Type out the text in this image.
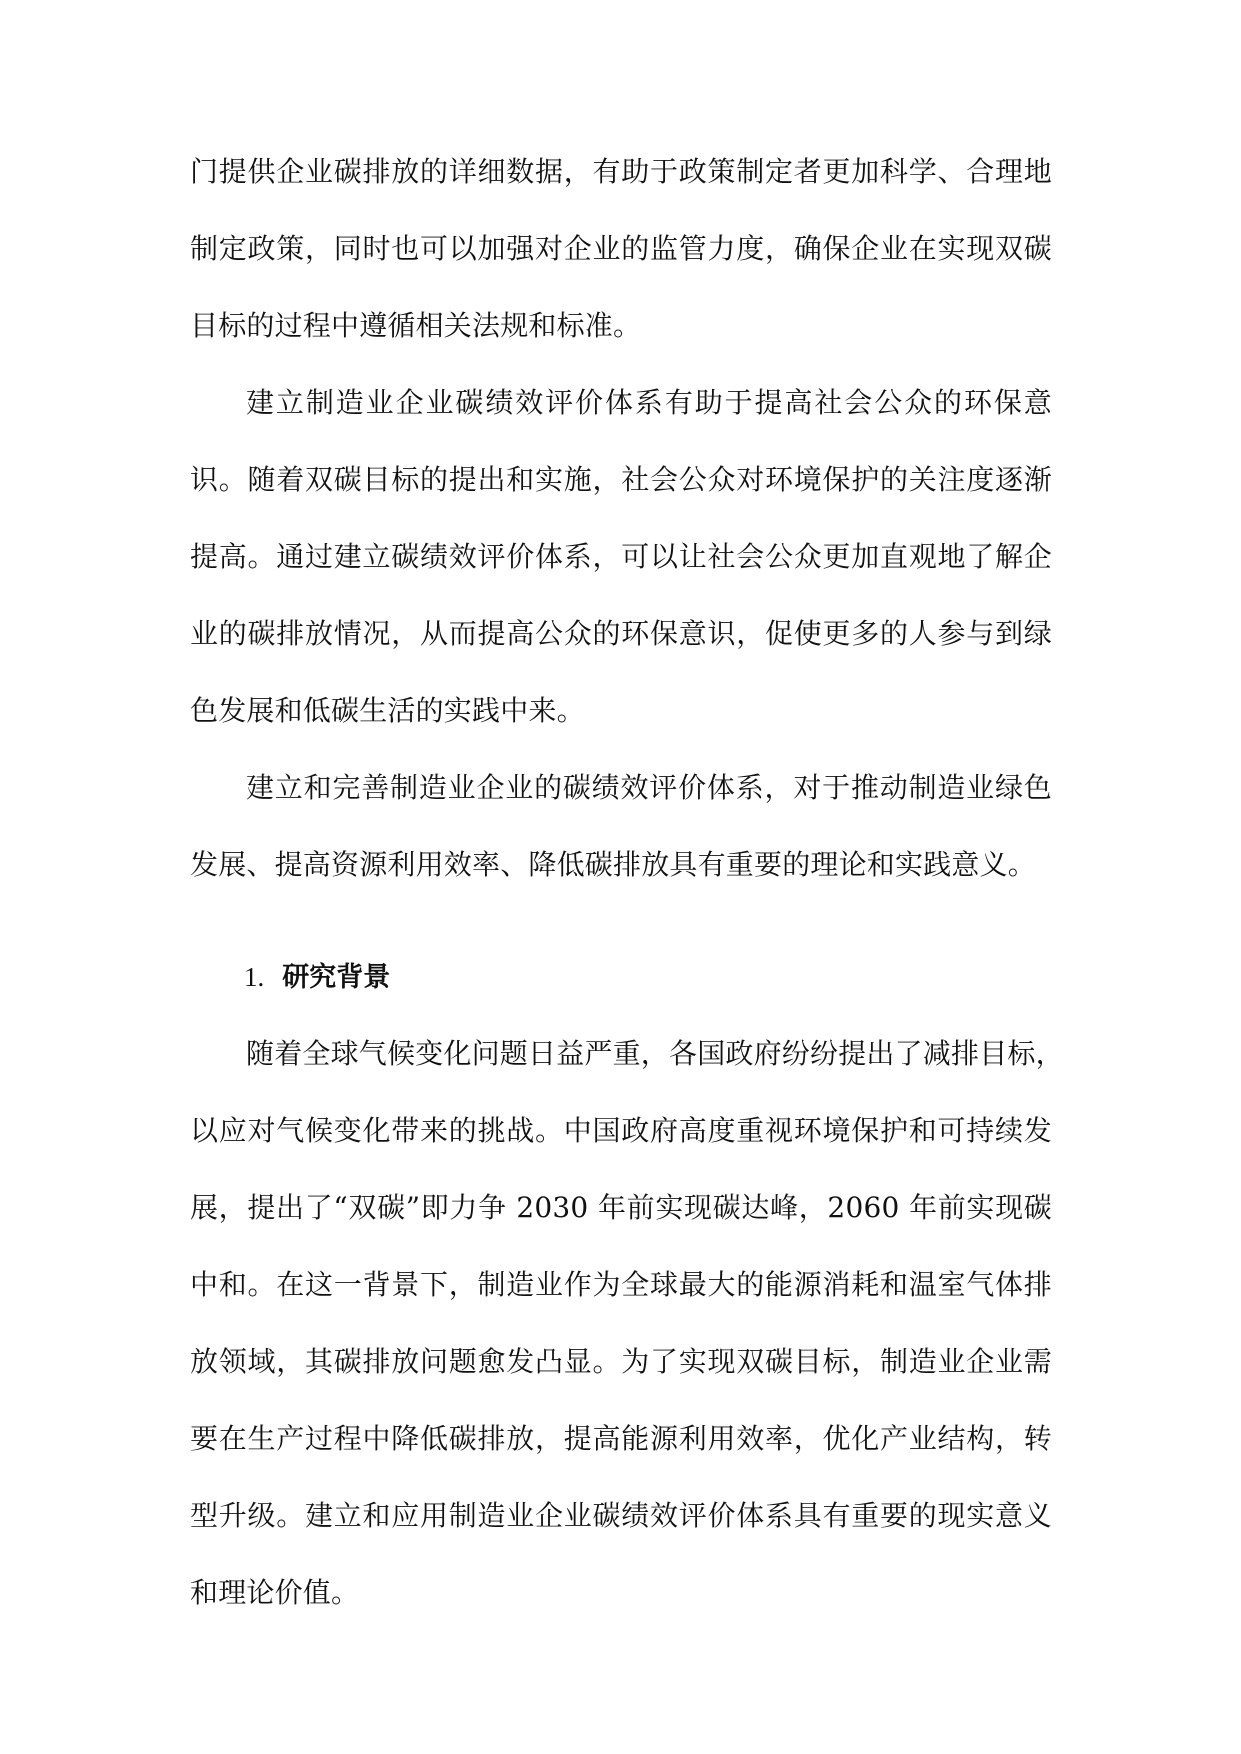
门提供企业碳排放的详细数据，有助于政策制定者更加科学、合理地
制定政策，同时也可以加强对企业的监管力度，确保企业在实现双碳
目标的过程中遵循相关法规和标准。
建立制造业企业碳绩效评价体系有助于提高社会公众的环保意
识。随着双碳目标的提出和实施，社会公众对环境保护的关注度逐渐
提高。通过建立碳绩效评价体系，可以让社会公众更加直观地了解企
业的碳排放情况，从而提高公众的环保意识，促使更多的人参与到绿
色发展和低碳生活的实践中来。
建立和完善制造业企业的碳绩效评价体系，对于推动制造业绿色
发展、提高资源利用效率、降低碳排放具有重要的理论和实践意义。
1. 研究背景
随着全球气候变化问题日益严重，各国政府纷纷提出了减排目标，
以应对气候变化带来的挑战。中国政府高度重视环境保护和可持续发
展，提出了“双碳”即力争 2030 年前实现碳达峰，2060 年前实现碳
中和。在这一背景下，制造业作为全球最大的能源消耗和温室气体排
放领域，其碳排放问题愈发凸显。为了实现双碳目标，制造业企业需
要在生产过程中降低碳排放，提高能源利用效率，优化产业结构，转
型升级。建立和应用制造业企业碳绩效评价体系具有重要的现实意义
和理论价值。
